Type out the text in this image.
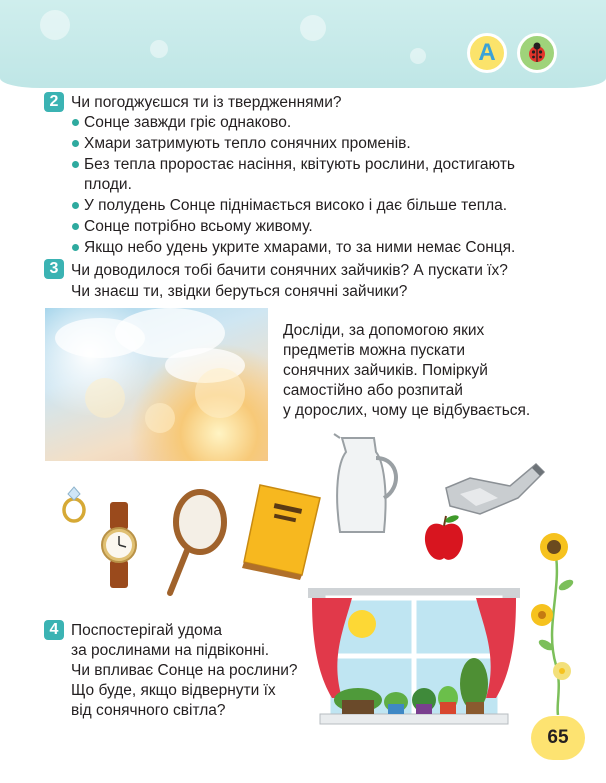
A
2 Чи погоджуєшся ти із твердженнями?
Сонце завжди гріє однаково.
Хмари затримують тепло сонячних променів.
Без тепла проростає насіння, квітують рослини, достигають
плоди.
У полудень Сонце піднімається високо і дає більше тепла.
Сонце потрібно всьому живому.
Якщо небо удень укрите хмарами, то за ними немає Сонця.
3 Чи доводилося тобі бачити сонячних зайчиків? А пускати їх?
Чи знаєш ти, звідки беруться сонячні зайчики?
Досліди, за допомогою яких
предметів можна пускати
сонячних зайчиків. Поміркуй
самостійно або розпитай
у дорослих, чому це відбувається.
4 Поспостерігай удома
за рослинами на підвіконні.
Чи впливає Сонце на рослини?
Що буде, якщо відвернути їх
від сонячного світла?
65
